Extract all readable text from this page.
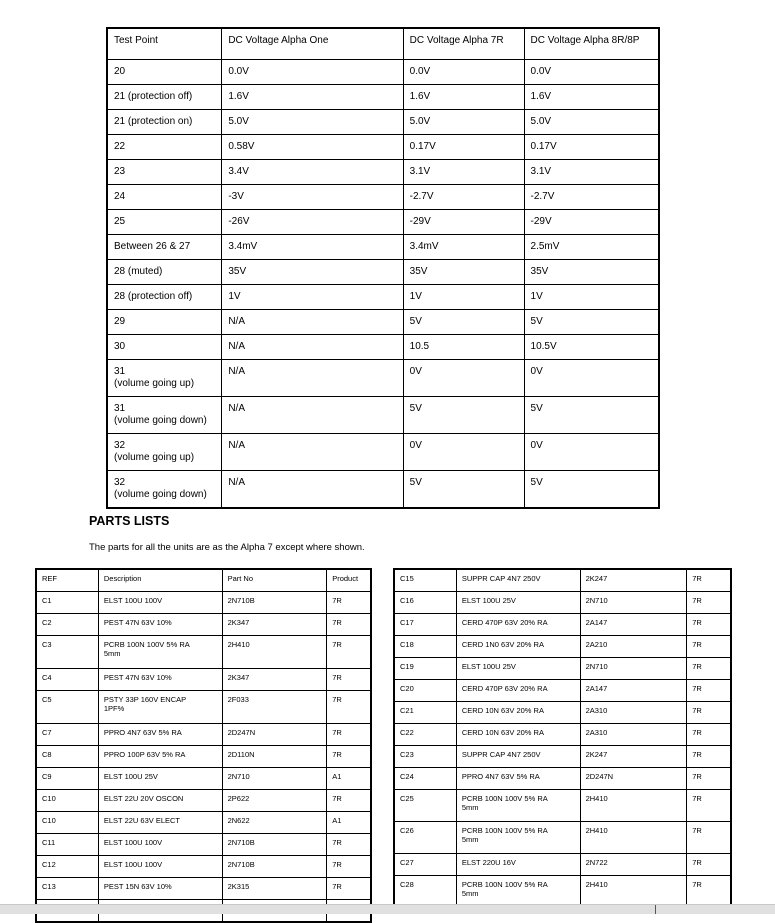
Test Point	DC Voltage Alpha One	DC Voltage Alpha 7R	DC Voltage Alpha 8R/8P

20	0.0V	0.0V	0.0V

21 (protection off)	1.6V	1.6V	1.6V

21 (protection on)	5.0V	5.0V	5.0V

22	0.58V	0.17V	0.17V

23	3.4V	3.1V	3.1V

24	-3V	-2.7V	-2.7V

25	-26V	-29V	-29V

Between 26 & 27	3.4mV	3.4mV	2.5mV

28 (muted)	35V	35V	35V

28 (protection off)	1V	1V	1V

29	N/A	5V	5V

30	N/A	10.5	10.5V

31
(volume going up)	N/A	0V	0V

31
(volume going down)	N/A	5V	5V

32
(volume going up)	N/A	0V	0V

32
(volume going down)	N/A	5V	5V
PARTS LISTS

The parts for all the units are as the Alpha 7 except where shown.

REF	Description	Part No	Product

C1	ELST 100U 100V	2N710B	7R

C2	PEST 47N 63V 10%	2K347	7R

C3	PCRB 100N 100V 5% RA
5mm	2H410	7R

C4	PEST 47N 63V 10%	2K347	7R

C5	PSTY 33P 160V ENCAP
1PF%	2F033	7R

C7	PPRO 4N7 63V 5% RA	2D247N	7R

C8	PPRO 100P 63V 5% RA	2D110N	7R

C9	ELST 100U 25V	2N710	A1

C10	ELST 22U 20V OSCON	2P622	7R

C10	ELST 22U 63V ELECT	2N622	A1

C11	ELST 100U 100V	2N710B	7R

C12	ELST 100U 100V	2N710B	7R

C13	PEST 15N 63V 10%	2K315	7R

C15	SUPPR CAP 4N7 250V	2K247	7R

C16	ELST 100U 25V	2N710	7R

C17	CERD 470P 63V 20% RA	2A147	7R

C18	CERD 1N0 63V 20% RA	2A210	7R

C19	ELST 100U 25V	2N710	7R

C20	CERD 470P 63V 20% RA	2A147	7R

C21	CERD 10N 63V 20% RA	2A310	7R

C22	CERD 10N 63V 20% RA	2A310	7R

C23	SUPPR CAP 4N7 250V	2K247	7R

C24	PPRO 4N7 63V 5% RA	2D247N	7R

C25	PCRB 100N 100V 5% RA
5mm	2H410	7R

C26	PCRB 100N 100V 5% RA
5mm	2H410	7R

C27	ELST 220U 16V	2N722	7R

C28	PCRB 100N 100V 5% RA
5mm	2H410	7R
